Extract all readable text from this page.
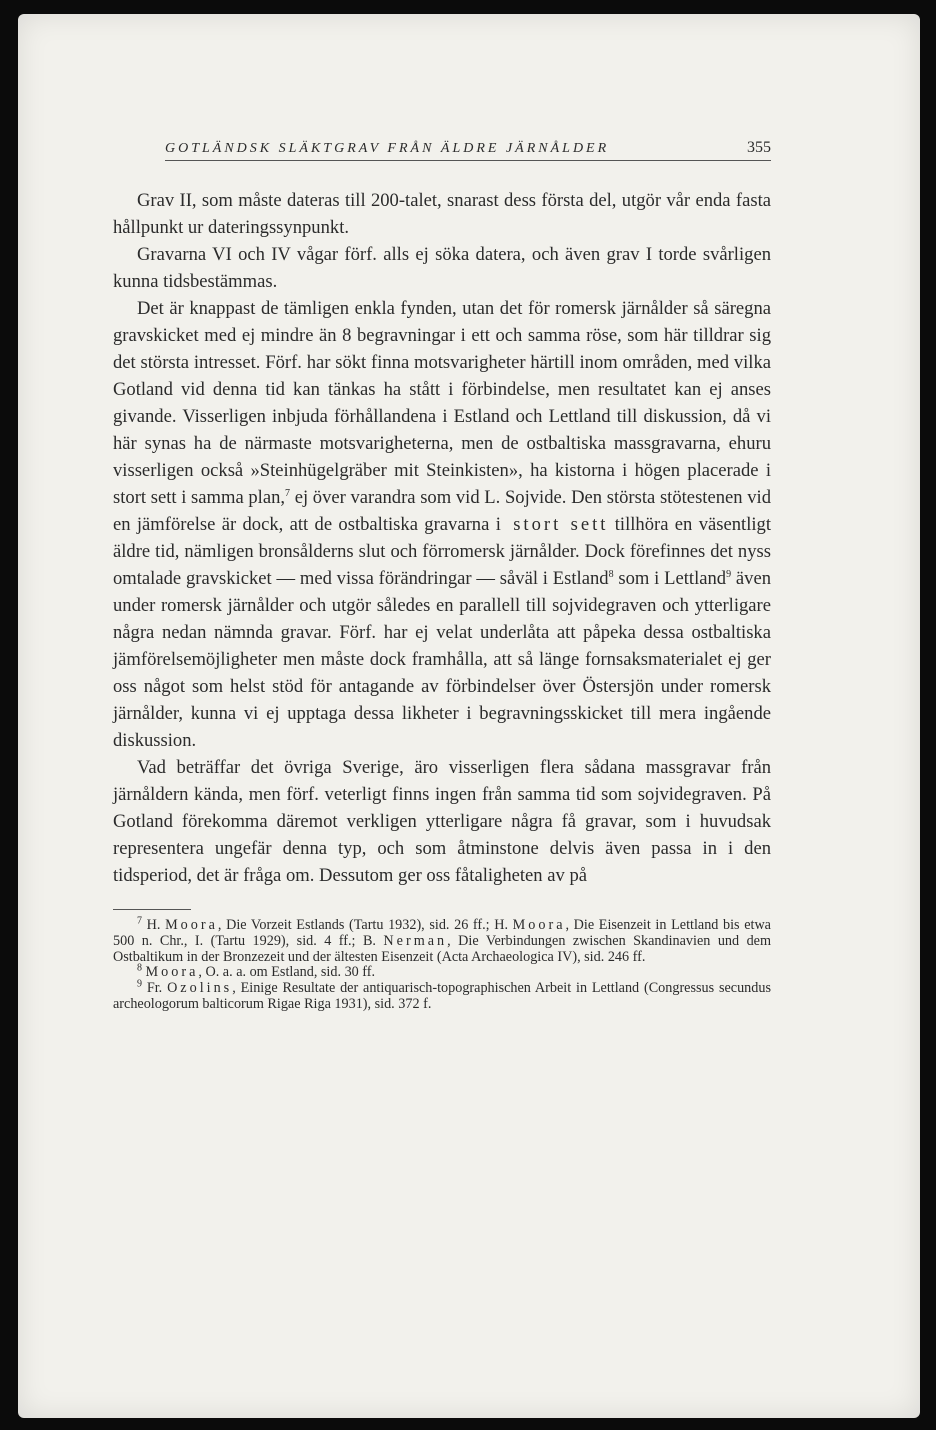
GOTLÄNDSK SLÄKTGRAV FRÅN ÄLDRE JÄRNÅLDER	355

Grav II, som måste dateras till 200-talet, snarast dess första del, utgör vår enda fasta hållpunkt ur dateringssynpunkt.

Gravarna VI och IV vågar förf. alls ej söka datera, och även grav I torde svårligen kunna tidsbestämmas.

Det är knappast de tämligen enkla fynden, utan det för romersk järnålder så säregna gravskicket med ej mindre än 8 begravningar i ett och samma röse, som här tilldrar sig det största intresset. Förf. har sökt finna motsvarigheter härtill inom områden, med vilka Gotland vid denna tid kan tänkas ha stått i förbindelse, men resultatet kan ej anses givande. Visserligen inbjuda förhållandena i Estland och Lettland till diskussion, då vi här synas ha de närmaste motsvarigheterna, men de ostbaltiska massgravarna, ehuru visserligen också »Steinhügelgräber mit Steinkisten», ha kistorna i högen placerade i stort sett i samma plan,$^7$ ej över varandra som vid L. Sojvide. Den största stötestenen vid en jämförelse är dock, att de ostbaltiska gravarna i stort sett tillhöra en väsentligt äldre tid, nämligen bronsålderns slut och förromersk järnålder. Dock förefinnes det nyss omtalade gravskicket — med vissa förändringar — såväl i Estland$^8$ som i Lettland$^9$ även under romersk järnålder och utgör således en parallell till sojvidegraven och ytterligare några nedan nämnda gravar. Förf. har ej velat underlåta att påpeka dessa ostbaltiska jämförelsemöjligheter men måste dock framhålla, att så länge fornsaksmaterialet ej ger oss något som helst stöd för antagande av förbindelser över Östersjön under romersk järnålder, kunna vi ej upptaga dessa likheter i begravningsskicket till mera ingående diskussion.

Vad beträffar det övriga Sverige, äro visserligen flera sådana massgravar från järnåldern kända, men förf. veterligt finns ingen från samma tid som sojvidegraven. På Gotland förekomma däremot verkligen ytterligare några få gravar, som i huvudsak representera ungefär denna typ, och som åtminstone delvis även passa in i den tidsperiod, det är fråga om. Dessutom ger oss fåtaligheten av på

$^7$ H. Moora, Die Vorzeit Estlands (Tartu 1932), sid. 26 ff.; H. Moora, Die Eisenzeit in Lettland bis etwa 500 n. Chr., I. (Tartu 1929), sid. 4 ff.; B. Nerman, Die Verbindungen zwischen Skandinavien und dem Ostbaltikum in der Bronzezeit und der ältesten Eisenzeit (Acta Archaeologica IV), sid. 246 ff.

$^8$ Moora, O. a. a. om Estland, sid. 30 ff.

$^9$ Fr. Ozolins, Einige Resultate der antiquarisch-topographischen Arbeit in Lettland (Congressus secundus archeologorum balticorum Rigae Riga 1931), sid. 372 f.
